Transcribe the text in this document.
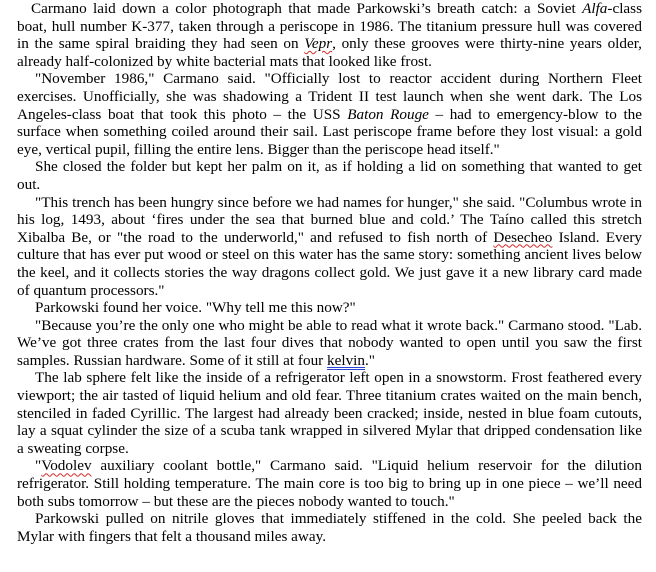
Carmano laid down a color photograph that made Parkowski’s breath catch: a Soviet Alfa-class boat, hull number K-377, taken through a periscope in 1986. The titanium pressure hull was covered in the same spiral braiding they had seen on Vepr, only these grooves were thirty-nine years older, already half-colonized by white bacterial mats that looked like frost.

"November 1986," Carmano said. "Officially lost to reactor accident during Northern Fleet exercises. Unofficially, she was shadowing a Trident II test launch when she went dark. The Los Angeles-class boat that took this photo – the USS Baton Rouge – had to emergency-blow to the surface when something coiled around their sail. Last periscope frame before they lost visual: a gold eye, vertical pupil, filling the entire lens. Bigger than the periscope head itself."

She closed the folder but kept her palm on it, as if holding a lid on something that wanted to get out.

"This trench has been hungry since before we had names for hunger," she said. "Columbus wrote in his log, 1493, about ‘fires under the sea that burned blue and cold.’ The Taíno called this stretch Xibalba Be, or "the road to the underworld," and refused to fish north of Desecheo Island. Every culture that has ever put wood or steel on this water has the same story: something ancient lives below the keel, and it collects stories the way dragons collect gold. We just gave it a new library card made of quantum processors."

Parkowski found her voice. "Why tell me this now?"

"Because you’re the only one who might be able to read what it wrote back." Carmano stood. "Lab. We’ve got three crates from the last four dives that nobody wanted to open until you saw the first samples. Russian hardware. Some of it still at four kelvin."

The lab sphere felt like the inside of a refrigerator left open in a snowstorm. Frost feathered every viewport; the air tasted of liquid helium and old fear. Three titanium crates waited on the main bench, stenciled in faded Cyrillic. The largest had already been cracked; inside, nested in blue foam cutouts, lay a squat cylinder the size of a scuba tank wrapped in silvered Mylar that dripped condensation like a sweating corpse.

"Vodolev auxiliary coolant bottle," Carmano said. "Liquid helium reservoir for the dilution refrigerator. Still holding temperature. The main core is too big to bring up in one piece – we’ll need both subs tomorrow – but these are the pieces nobody wanted to touch."

Parkowski pulled on nitrile gloves that immediately stiffened in the cold. She peeled back the Mylar with fingers that felt a thousand miles away.
